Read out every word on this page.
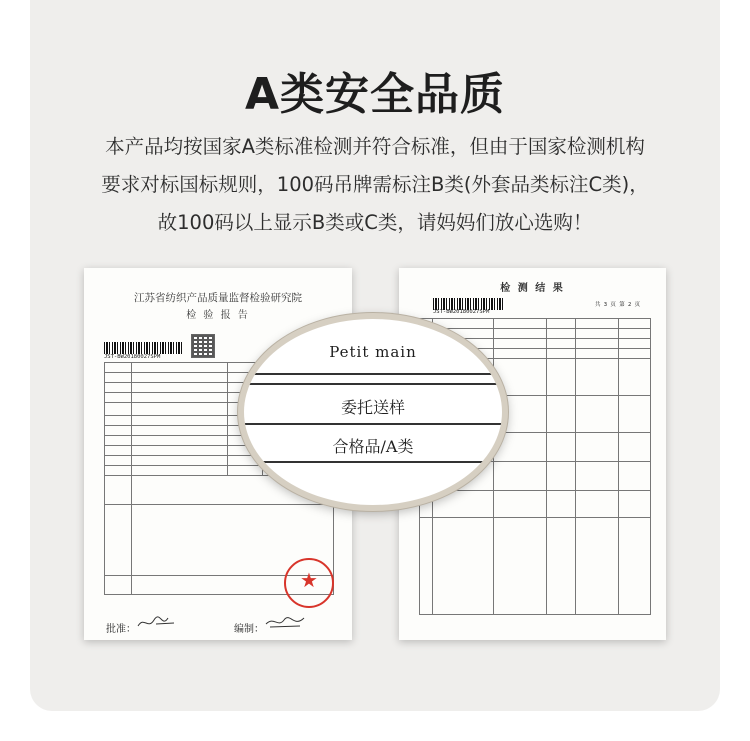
A类安全品质
本产品均按国家A类标准检测并符合标准，但由于国家检测机构
要求对标国标规则，100码吊牌需标注B类(外套品类标注C类)，
故100码以上显示B类或C类，请妈妈们放心选购！
江苏省纺织产品质量监督检验研究院
检 验 报 告
JST-BW20180027SPM

★
批准：	编制：
检 测 结 果
JST-BW20180027SPM
共 3 页 第 2 页

Petit main
委托送样
合格品/A类
